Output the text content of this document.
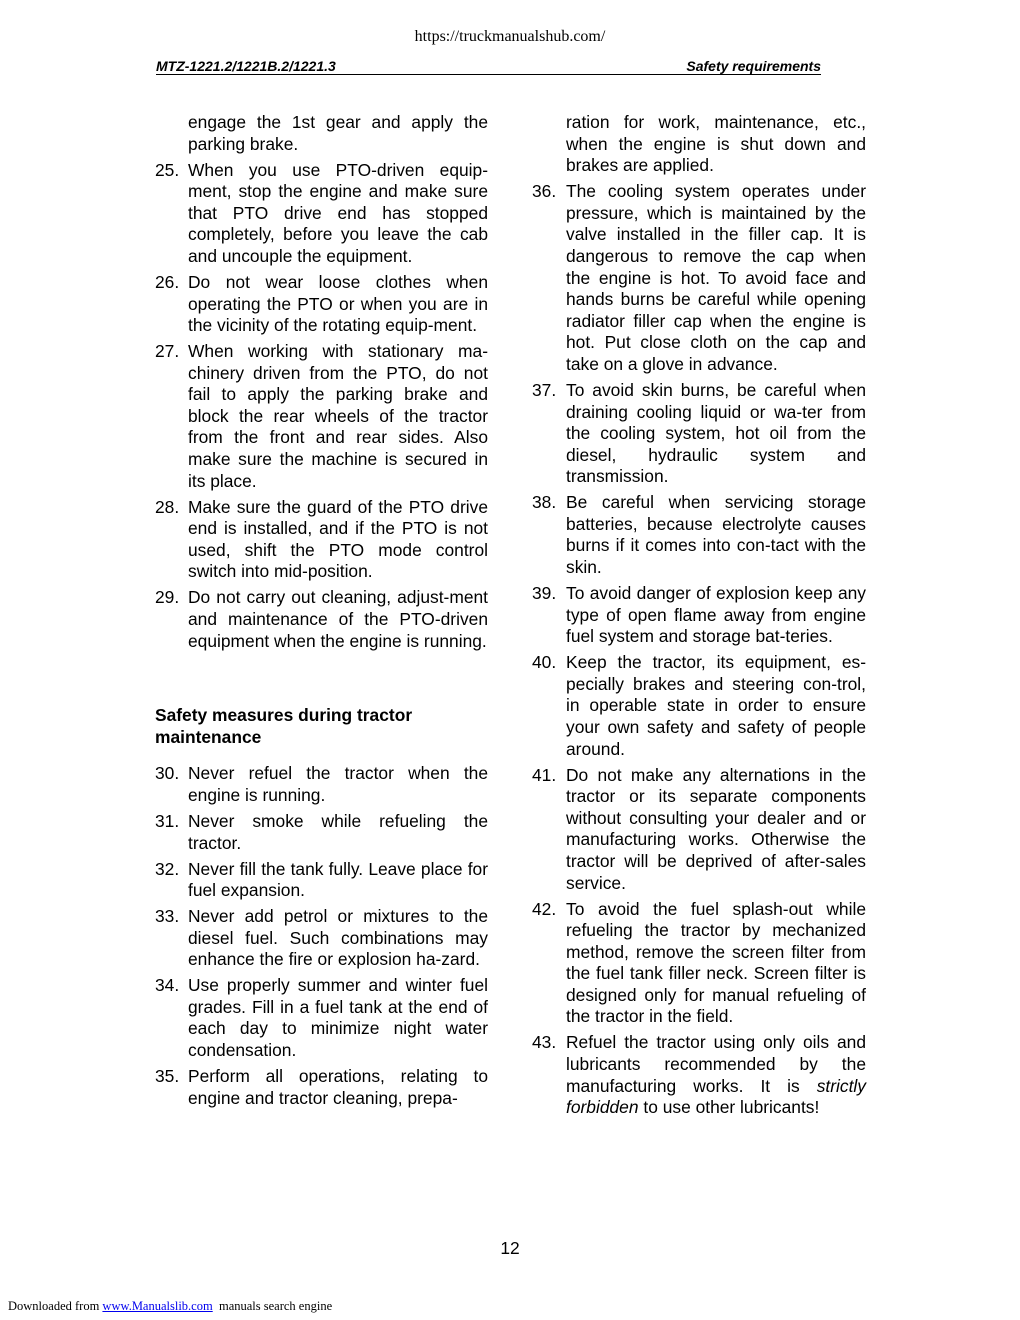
https://truckmanualshub.com/
MTZ-1221.2/1221B.2/1221.3	Safety requirements
engage the 1st gear and apply the parking brake.
25. When you use PTO-driven equip-ment, stop the engine and make sure that PTO drive end has stopped completely, before you leave the cab and uncouple the equipment.
26. Do not wear loose clothes when operating the PTO or when you are in the vicinity of the rotating equip-ment.
27. When working with stationary ma-chinery driven from the PTO, do not fail to apply the parking brake and block the rear wheels of the tractor from the front and rear sides. Also make sure the machine is secured in its place.
28. Make sure the guard of the PTO drive end is installed, and if the PTO is not used, shift the PTO mode control switch into mid-position.
29. Do not carry out cleaning, adjust-ment and maintenance of the PTO-driven equipment when the engine is running.
Safety measures during tractor maintenance
30. Never refuel the tractor when the engine is running.
31. Never smoke while refueling the tractor.
32. Never fill the tank fully. Leave place for fuel expansion.
33. Never add petrol or mixtures to the diesel fuel. Such combinations may enhance the fire or explosion ha-zard.
34. Use properly summer and winter fuel grades. Fill in a fuel tank at the end of each day to minimize night water condensation.
35. Perform all operations, relating to engine and tractor cleaning, prepa-
ration for work, maintenance, etc., when the engine is shut down and brakes are applied.
36. The cooling system operates under pressure, which is maintained by the valve installed in the filler cap. It is dangerous to remove the cap when the engine is hot. To avoid face and hands burns be careful while opening radiator filler cap when the engine is hot. Put close cloth on the cap and take on a glove in advance.
37. To avoid skin burns, be careful when draining cooling liquid or wa-ter from the cooling system, hot oil from the diesel, hydraulic system and transmission.
38. Be careful when servicing storage batteries, because electrolyte causes burns if it comes into con-tact with the skin.
39. To avoid danger of explosion keep any type of open flame away from engine fuel system and storage bat-teries.
40. Keep the tractor, its equipment, es-pecially brakes and steering con-trol, in operable state in order to ensure your own safety and safety of people around.
41. Do not make any alternations in the tractor or its separate components without consulting your dealer and or manufacturing works. Otherwise the tractor will be deprived of after-sales service.
42. To avoid the fuel splash-out while refueling the tractor by mechanized method, remove the screen filter from the fuel tank filler neck. Screen filter is designed only for manual refueling of the tractor in the field.
43. Refuel the tractor using only oils and lubricants recommended by the manufacturing works. It is strictly forbidden to use other lubricants!
12
Downloaded from www.Manualslib.com  manuals search engine
